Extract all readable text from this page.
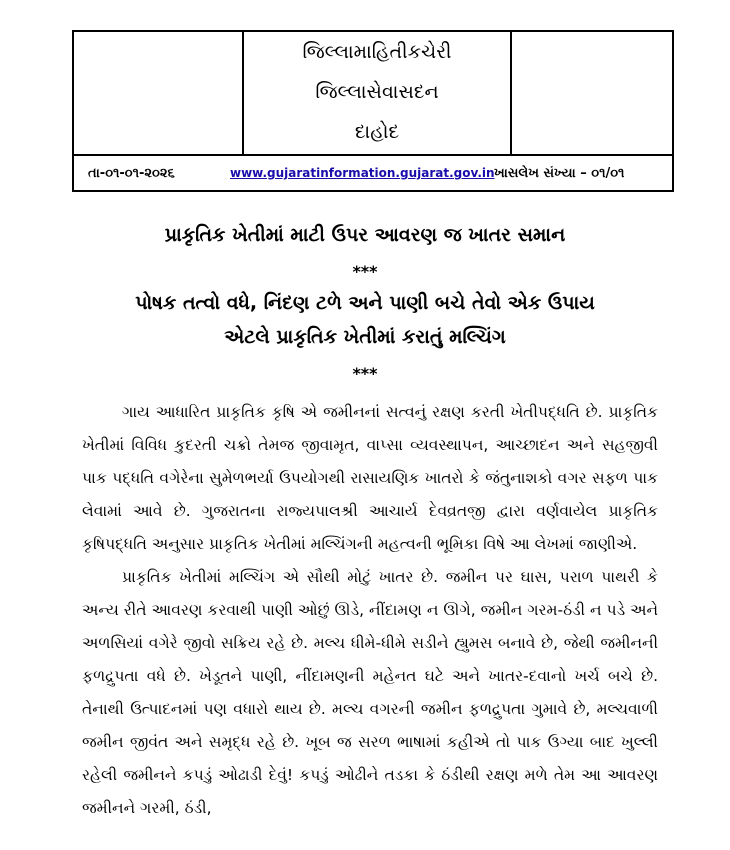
જિલ્લામાહિતીકચેરી
જિલ્લાસેવાસદન
દાહોદ
તા-૦૧-૦૧-૨૦૨૬	www.gujaratinformation.gujarat.gov.in ખાસલેખ સંખ્યા – ૦૧/૦૧
પ્રાકૃતિક ખેતીમાં માટી ઉપર આવરણ જ ખાતર સમાન
***
પોષક તત્વો વધે, નિંદણ ટળે અને પાણી બચે તેવો એક ઉપાય
એટલે પ્રાકૃતિક ખેતીમાં કરાતું મલ્ચિંગ
***

ગાય આધારિત પ્રાકૃતિક કૃષિ એ જમીનનાં સત્વનું રક્ષણ કરતી ખેતીપદ્ધતિ છે. પ્રાકૃતિક ખેતીમાં વિવિધ કુદરતી ચક્રો તેમજ જીવામૃત, વાપ્સા વ્યવસ્થાપન, આચ્છાદન અને સહજીવી પાક પદ્ધતિ વગેરેના સુમેળભર્યા ઉપયોગથી રાસાયણિક ખાતરો કે જંતુનાશકો વગર સફળ પાક લેવામાં આવે છે. ગુજરાતના રાજ્યપાલશ્રી આચાર્ય દેવવ્રતજી દ્વારા વર્ણવાયેલ પ્રાકૃતિક કૃષિપદ્ધતિ અનુસાર પ્રાકૃતિક ખેતીમાં મલ્ચિંગની મહત્વની ભૂમિકા વિષે આ લેખમાં જાણીએ.

પ્રાકૃતિક ખેતીમાં મલ્ચિંગ એ સૌથી મોટું ખાતર છે. જમીન પર ઘાસ, પરાળ પાથરી કે અન્ય રીતે આવરણ કરવાથી પાણી ઓછું ઊડે, નીંદામણ ન ઊગે, જમીન ગરમ-ઠંડી ન પડે અને અળસિયાં વગેરે જીવો સક્રિય રહે છે. મલ્ચ ધીમે-ધીમે સડીને હ્યુમસ બનાવે છે, જેથી જમીનની ફળદ્રુપતા વધે છે. ખેડૂતને પાણી, નીંદામણની મહેનત ઘટે અને ખાતર-દવાનો ખર્ચ બચે છે. તેનાથી ઉત્પાદનમાં પણ વધારો થાય છે. મલ્ચ વગરની જમીન ફળદ્રુપતા ગુમાવે છે, મલ્ચવાળી જમીન જીવંત અને સમૃદ્ધ રહે છે. ખૂબ જ સરળ ભાષામાં કહીએ તો પાક ઉગ્યા બાદ ખુલ્લી રહેલી જમીનને કપડું ઓઢાડી દેવું! કપડું ઓઢીને તડકા કે ઠંડીથી રક્ષણ મળે તેમ આ આવરણ જમીનને ગરમી, ઠંડી,
